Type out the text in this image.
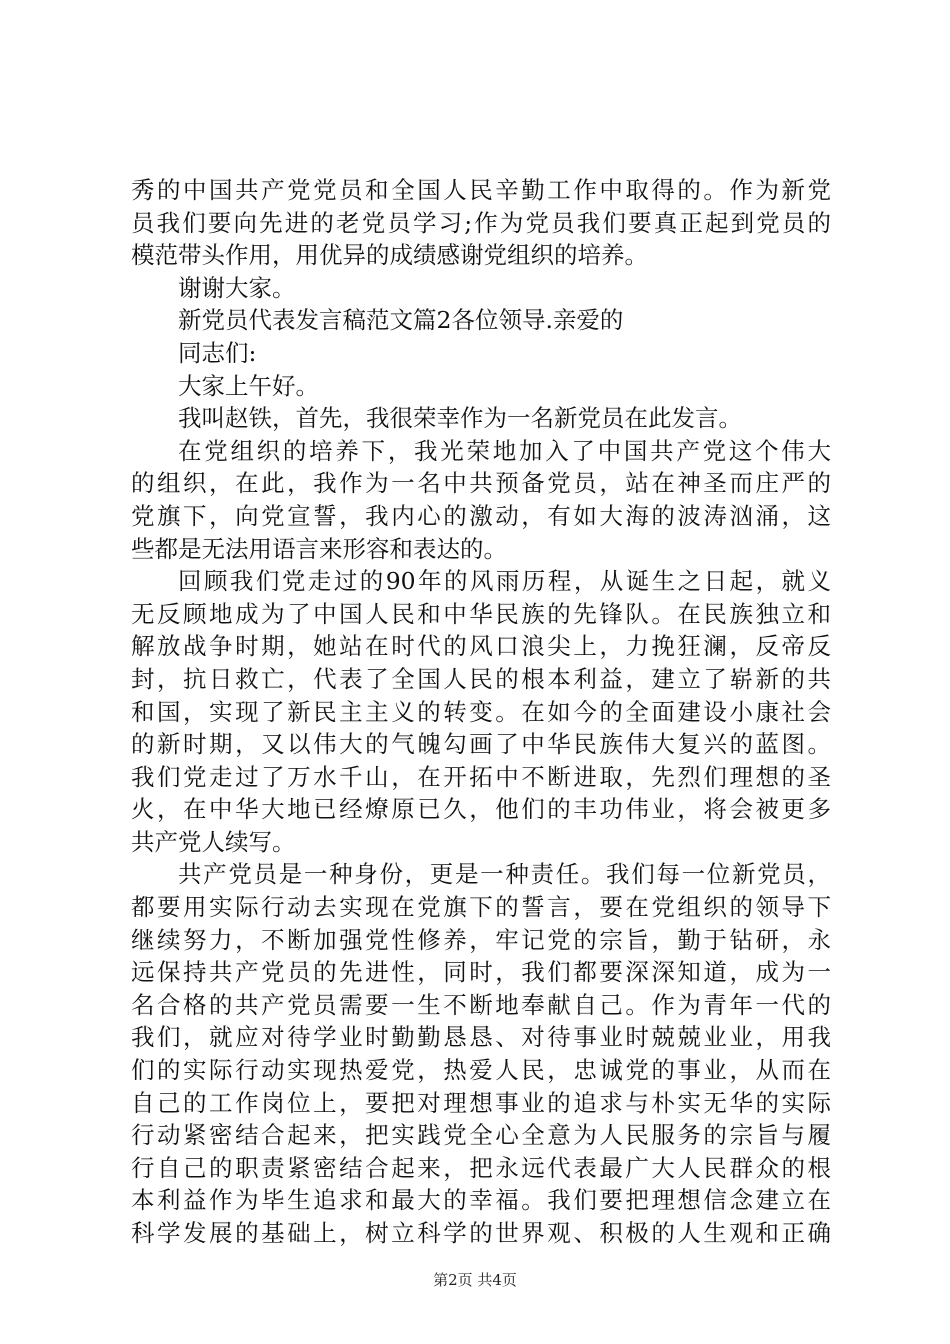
秀的中国共产党党员和全国人民辛勤工作中取得的。作为新党
员我们要向先进的老党员学习;作为党员我们要真正起到党员的
模范带头作用，用优异的成绩感谢党组织的培养。
谢谢大家。
新党员代表发言稿范文篇2各位领导.亲爱的
同志们:
大家上午好。
我叫赵铁，首先，我很荣幸作为一名新党员在此发言。
在党组织的培养下，我光荣地加入了中国共产党这个伟大
的组织，在此，我作为一名中共预备党员，站在神圣而庄严的
党旗下，向党宣誓，我内心的激动，有如大海的波涛汹涌，这
些都是无法用语言来形容和表达的。
回顾我们党走过的90年的风雨历程，从诞生之日起，就义
无反顾地成为了中国人民和中华民族的先锋队。在民族独立和
解放战争时期，她站在时代的风口浪尖上，力挽狂澜，反帝反
封，抗日救亡，代表了全国人民的根本利益，建立了崭新的共
和国，实现了新民主主义的转变。在如今的全面建设小康社会
的新时期，又以伟大的气魄勾画了中华民族伟大复兴的蓝图。
我们党走过了万水千山，在开拓中不断进取，先烈们理想的圣
火，在中华大地已经燎原已久，他们的丰功伟业，将会被更多
共产党人续写。
共产党员是一种身份，更是一种责任。我们每一位新党员，
都要用实际行动去实现在党旗下的誓言，要在党组织的领导下
继续努力，不断加强党性修养，牢记党的宗旨，勤于钻研，永
远保持共产党员的先进性，同时，我们都要深深知道，成为一
名合格的共产党员需要一生不断地奉献自己。作为青年一代的
我们，就应对待学业时勤勤恳恳、对待事业时兢兢业业，用我
们的实际行动实现热爱党，热爱人民，忠诚党的事业，从而在
自己的工作岗位上，要把对理想事业的追求与朴实无华的实际
行动紧密结合起来，把实践党全心全意为人民服务的宗旨与履
行自己的职责紧密结合起来，把永远代表最广大人民群众的根
本利益作为毕生追求和最大的幸福。我们要把理想信念建立在
科学发展的基础上，树立科学的世界观、积极的人生观和正确
第2页 共4页
